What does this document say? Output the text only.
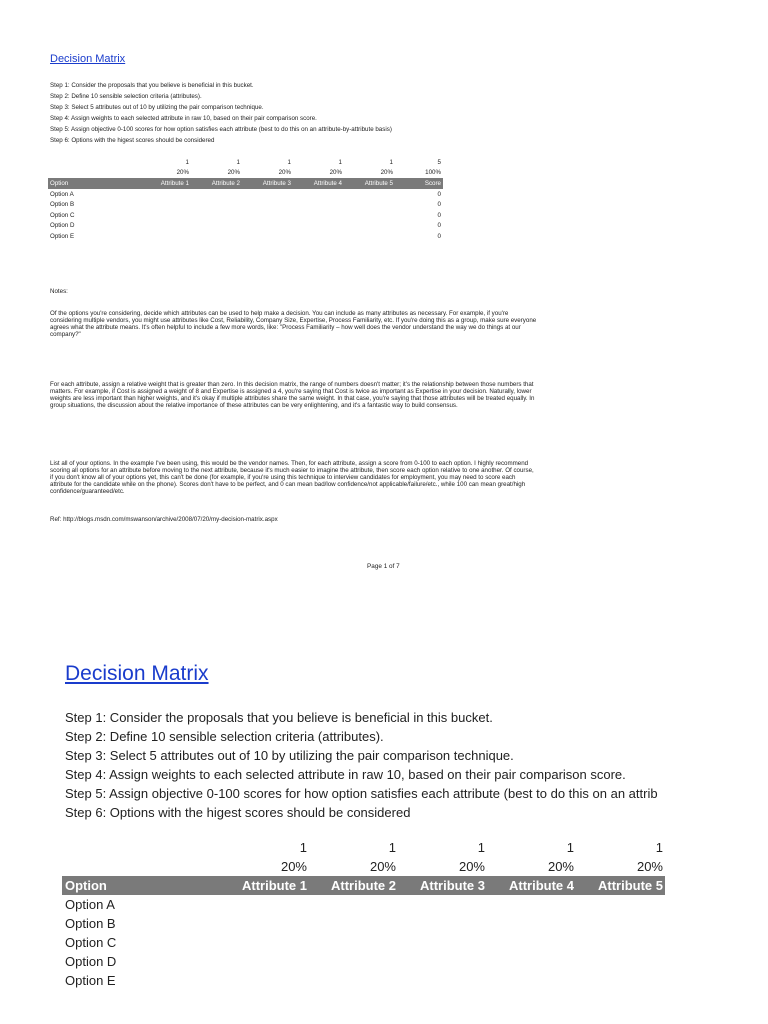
Decision Matrix
Step 1: Consider the proposals that you believe is beneficial in this bucket.
Step 2: Define 10 sensible selection criteria (attributes).
Step 3: Select 5 attributes out of 10 by utilizing the pair comparison technique.
Step 4: Assign weights to each selected attribute in raw 10, based on their pair comparison score.
Step 5: Assign objective 0-100 scores for how option satisfies each attribute (best to do this on an attribute-by-attribute basis)
Step 6: Options with the higest scores should be considered
	1	1	1	1	1	5
	20%	20%	20%	20%	20%	100%
Option	Attribute 1	Attribute 2	Attribute 3	Attribute 4	Attribute 5	Score
Option A						0
Option B						0
Option C						0
Option D						0
Option E						0
Notes:

Of the options you're considering, decide which attributes can be used to help make a decision. You can include as many attributes as necessary. For example, if you're considering multiple vendors, you might use attributes like Cost, Reliability, Company Size, Expertise, Process Familiarity, etc. If you're doing this as a group, make sure everyone agrees what the attribute means. It's often helpful to include a few more words, like: "Process Familiarity – how well does the vendor understand the way we do things at our company?"

For each attribute, assign a relative weight that is greater than zero. In this decision matrix, the range of numbers doesn't matter; it's the relationship between those numbers that matters. For example, if Cost is assigned a weight of 8 and Expertise is assigned a 4, you're saying that Cost is twice as important as Expertise in your decision. Naturally, lower weights are less important than higher weights, and it's okay if multiple attributes share the same weight. In that case, you're saying that those attributes will be treated equally. In group situations, the discussion about the relative importance of these attributes can be very enlightening, and it's a fantastic way to build consensus.

List all of your options. In the example I've been using, this would be the vendor names. Then, for each attribute, assign a score from 0-100 to each option. I highly recommend scoring all options for an attribute before moving to the next attribute, because it's much easier to imagine the attribute, then score each option relative to one another. Of course, if you don't know all of your options yet, this can't be done (for example, if you're using this technique to interview candidates for employment, you may need to score each attribute for the candidate while on the phone). Scores don't have to be perfect, and 0 can mean bad/low confidence/not applicable/failure/etc., while 100 can mean great/high confidence/guaranteed/etc.

Ref: http://blogs.msdn.com/mswanson/archive/2008/07/20/my-decision-matrix.aspx
Page 1 of 7
Decision Matrix
Step 1: Consider the proposals that you believe is beneficial in this bucket.
Step 2: Define 10 sensible selection criteria (attributes).
Step 3: Select 5 attributes out of 10 by utilizing the pair comparison technique.
Step 4: Assign weights to each selected attribute in raw 10, based on their pair comparison score.
Step 5: Assign objective 0-100 scores for how option satisfies each attribute (best to do this on an attrib
Step 6: Options with the higest scores should be considered
	1	1	1	1	1
	20%	20%	20%	20%	20%
Option	Attribute 1	Attribute 2	Attribute 3	Attribute 4	Attribute 5
Option A					
Option B					
Option C					
Option D					
Option E					
